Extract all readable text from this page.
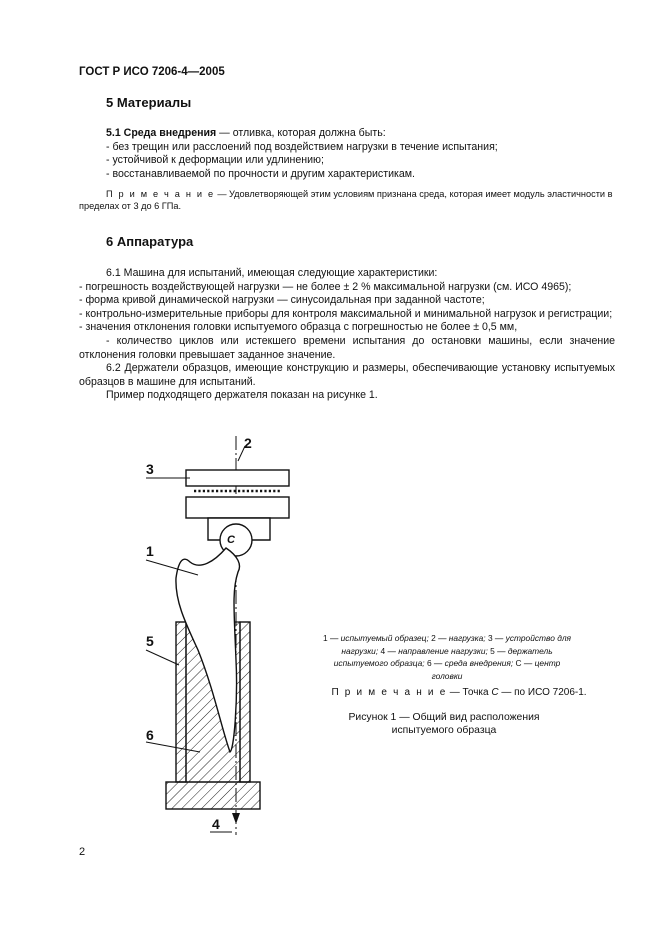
ГОСТ Р ИСО 7206-4—2005
5 Материалы

5.1 Среда внедрения — отливка, которая должна быть:

- без трещин или расслоений под воздействием нагрузки в течение испытания;

- устойчивой к деформации или удлинению;

- восстанавливаемой по прочности и другим характеристикам.

П р и м е ч а н и е — Удовлетворяющей этим условиям признана среда, которая имеет модуль эластичности в пределах от 3 до 6 ГПа.
6 Аппаратура

6.1 Машина для испытаний, имеющая следующие характеристики:

- погрешность воздействующей нагрузки — не более ± 2 % максимальной нагрузки (см. ИСО 4965);

- форма кривой динамической нагрузки — синусоидальная при заданной частоте;

- контрольно-измерительные приборы для контроля максимальной и минимальной нагрузок и регистрации;

- значения отклонения головки испытуемого образца с погрешностью не более ± 0,5 мм,

- количество циклов или истекшего времени испытания до остановки машины, если значение отклонения головки превышает заданное значение.

6.2 Держатели образцов, имеющие конструкцию и размеры, обеспечивающие установку испытуемых образцов в машине для испытаний.

Пример подходящего держателя показан на рисунке 1.

C
2
3
1
5
6
4
1 — испытуемый образец; 2 — нагрузка; 3 — устройство для нагрузки; 4 — направление нагрузки; 5 — держатель испытуемого образца; 6 — среда внедрения; C — центр головки
П р и м е ч а н и е — Точка С — по ИСО 7206-1.
Рисунок 1 — Общий вид расположения испытуемого образца
2
